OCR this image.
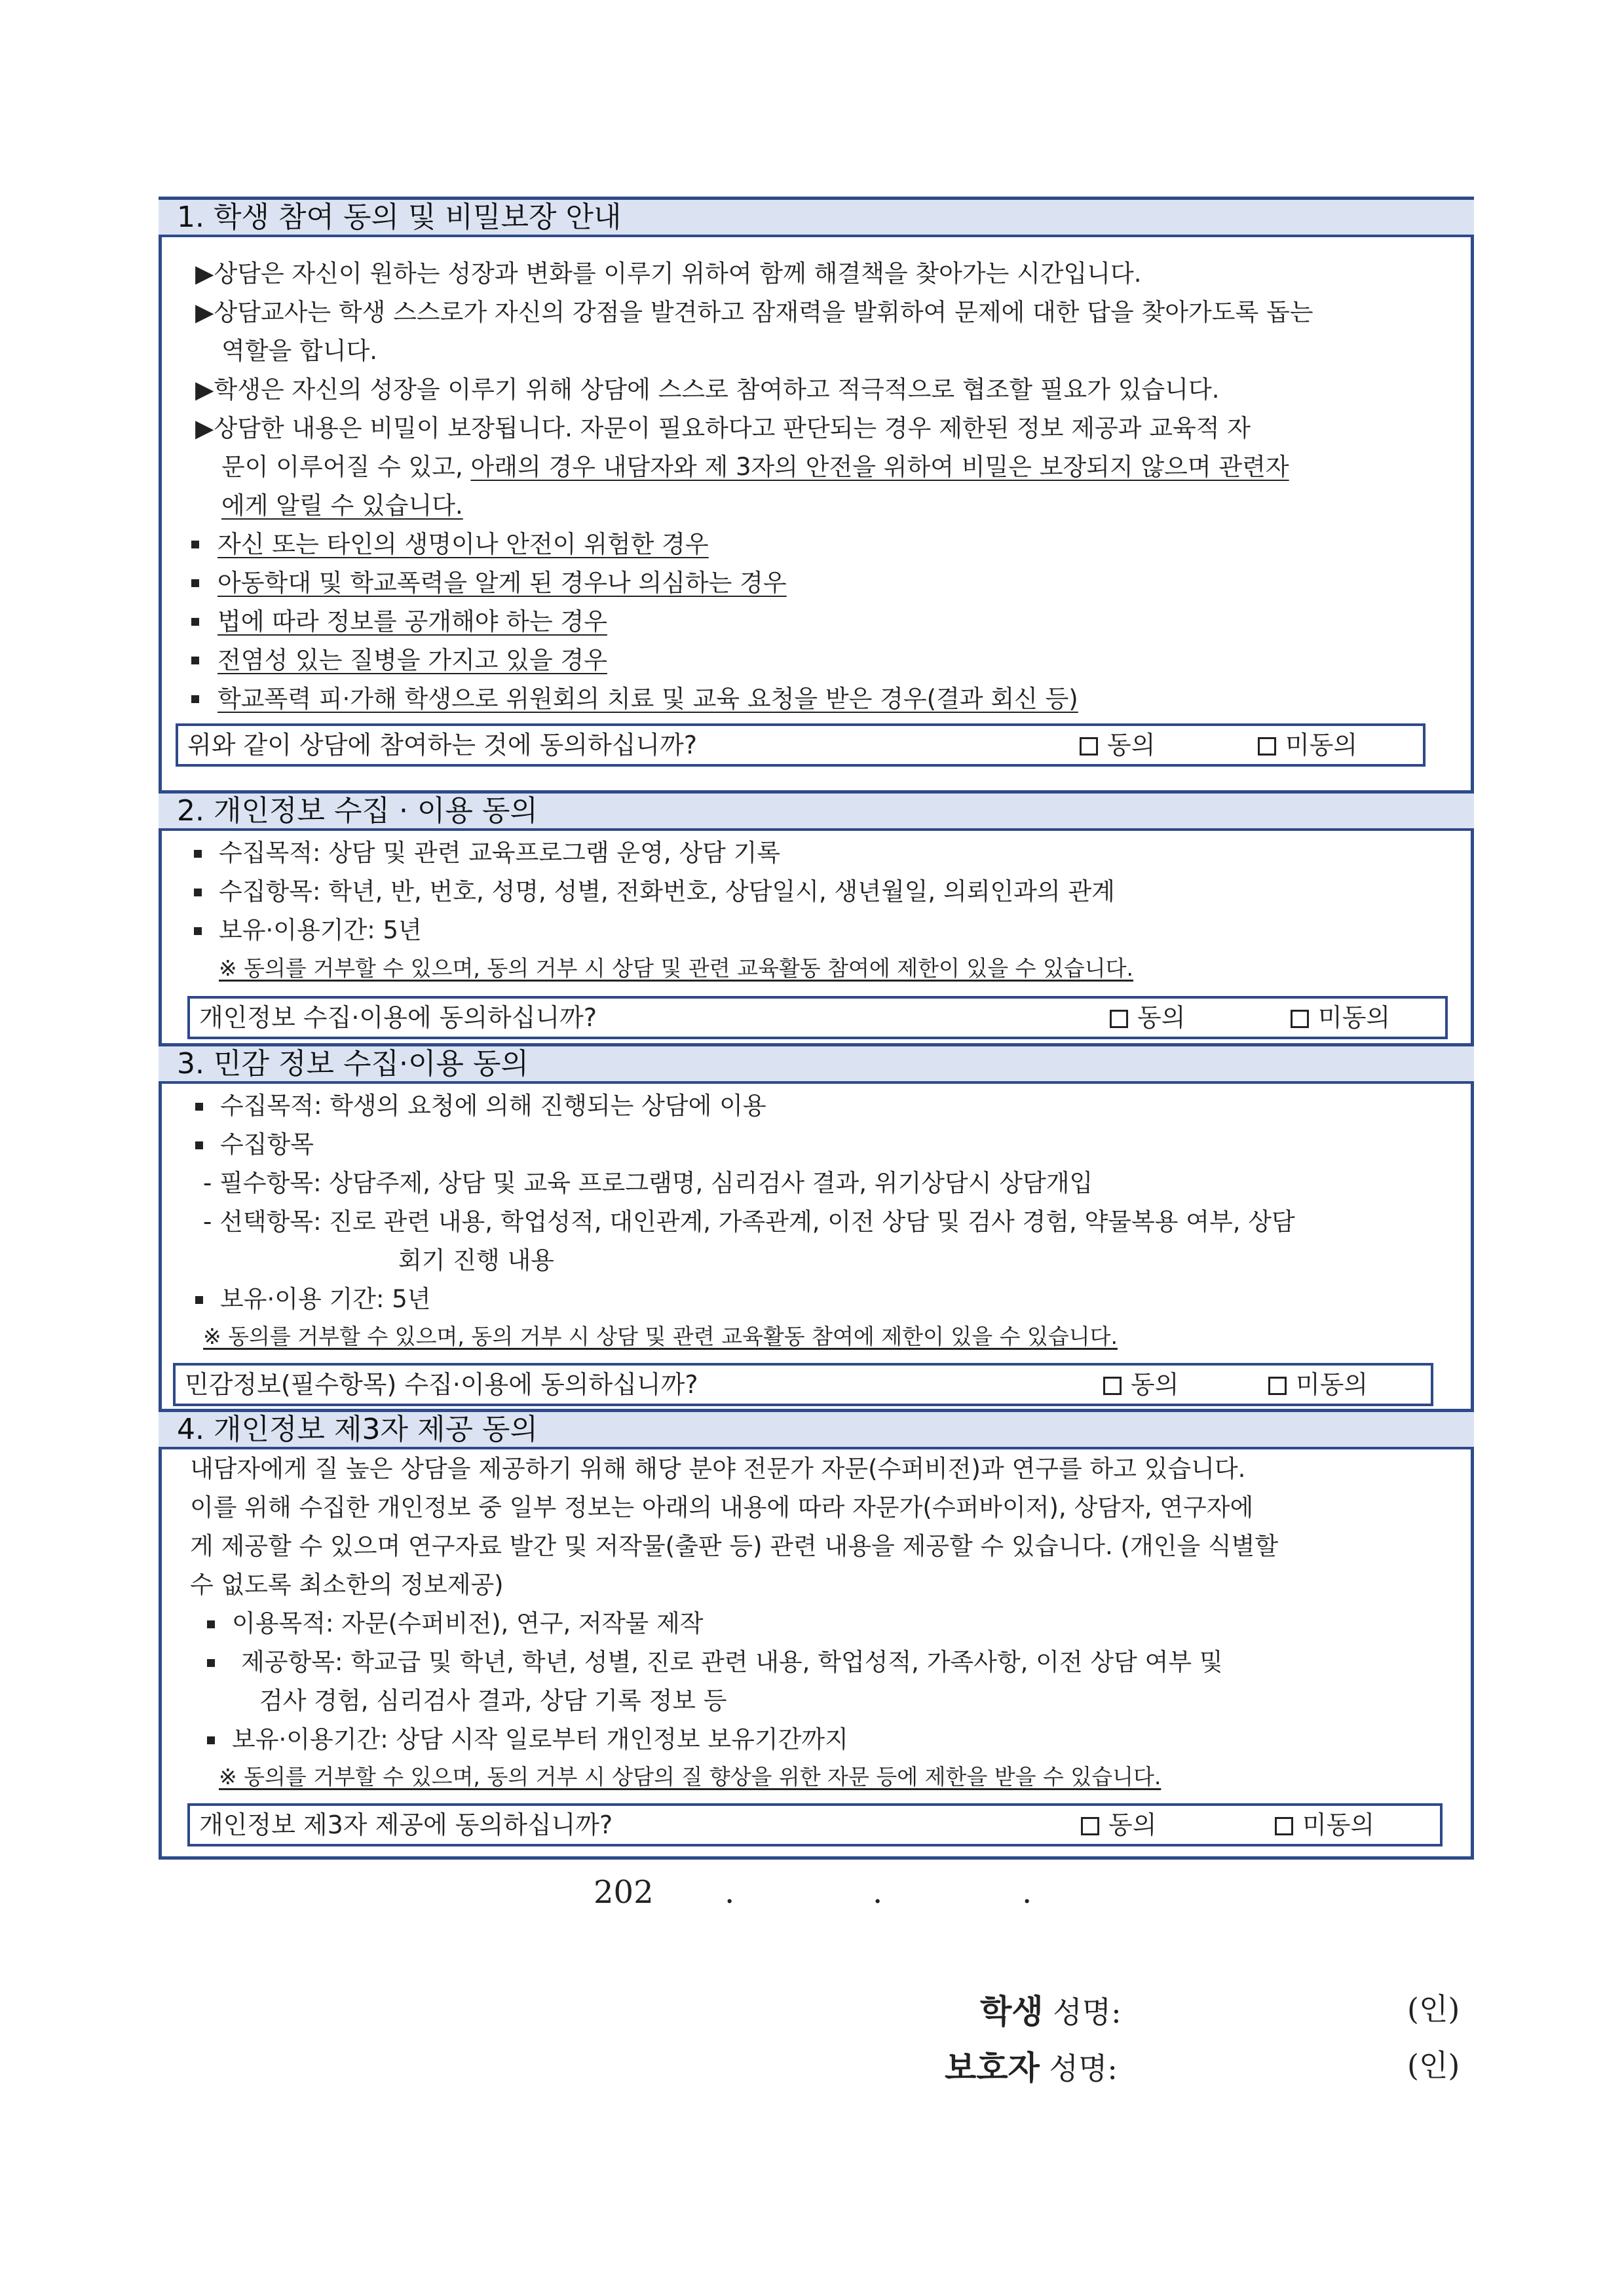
1. 학생 참여 동의 및 비밀보장 안내
▶상담은 자신이 원하는 성장과 변화를 이루기 위하여 함께 해결책을 찾아가는 시간입니다.
▶상담교사는 학생 스스로가 자신의 강점을 발견하고 잠재력을 발휘하여 문제에 대한 답을 찾아가도록 돕는
역할을 합니다.
▶학생은 자신의 성장을 이루기 위해 상담에 스스로 참여하고 적극적으로 협조할 필요가 있습니다.
▶상담한 내용은 비밀이 보장됩니다. 자문이 필요하다고 판단되는 경우 제한된 정보 제공과 교육적 자
문이 이루어질 수 있고, 아래의 경우 내담자와 제 3자의 안전을 위하여 비밀은 보장되지 않으며 관련자
에게 알릴 수 있습니다.
자신 또는 타인의 생명이나 안전이 위험한 경우
아동학대 및 학교폭력을 알게 된 경우나 의심하는 경우
법에 따라 정보를 공개해야 하는 경우
전염성 있는 질병을 가지고 있을 경우
학교폭력 피·가해 학생으로 위원회의 치료 및 교육 요청을 받은 경우(결과 회신 등)
위와 같이 상담에 참여하는 것에 동의하십니까?	동의	미동의
2. 개인정보 수집 · 이용 동의
수집목적: 상담 및 관련 교육프로그램 운영, 상담 기록
수집항목: 학년, 반, 번호, 성명, 성별, 전화번호, 상담일시, 생년월일, 의뢰인과의 관계
보유·이용기간: 5년
※ 동의를 거부할 수 있으며, 동의 거부 시 상담 및 관련 교육활동 참여에 제한이 있을 수 있습니다.
개인정보 수집·이용에 동의하십니까?	동의	미동의
3. 민감 정보 수집·이용 동의
수집목적: 학생의 요청에 의해 진행되는 상담에 이용
수집항목
- 필수항목: 상담주제, 상담 및 교육 프로그램명, 심리검사 결과, 위기상담시 상담개입
- 선택항목: 진로 관련 내용, 학업성적, 대인관계, 가족관계, 이전 상담 및 검사 경험, 약물복용 여부, 상담
회기 진행 내용
보유·이용 기간: 5년
※ 동의를 거부할 수 있으며, 동의 거부 시 상담 및 관련 교육활동 참여에 제한이 있을 수 있습니다.
민감정보(필수항목) 수집·이용에 동의하십니까?	동의	미동의
4. 개인정보 제3자 제공 동의
내담자에게 질 높은 상담을 제공하기 위해 해당 분야 전문가 자문(수퍼비전)과 연구를 하고 있습니다.
이를 위해 수집한 개인정보 중 일부 정보는 아래의 내용에 따라 자문가(수퍼바이저), 상담자, 연구자에
게 제공할 수 있으며 연구자료 발간 및 저작물(출판 등) 관련 내용을 제공할 수 있습니다. (개인을 식별할
수 없도록 최소한의 정보제공)
이용목적: 자문(수퍼비전), 연구, 저작물 제작
제공항목: 학교급 및 학년, 학년, 성별, 진로 관련 내용, 학업성적, 가족사항, 이전 상담 여부 및
검사 경험, 심리검사 결과, 상담 기록 정보 등
보유·이용기간: 상담 시작 일로부터 개인정보 보유기간까지
※ 동의를 거부할 수 있으며, 동의 거부 시 상담의 질 향상을 위한 자문 등에 제한을 받을 수 있습니다.
개인정보 제3자 제공에 동의하십니까?	동의	미동의
202 .	.	.
학생 성명:	(인)
보호자 성명:	(인)
